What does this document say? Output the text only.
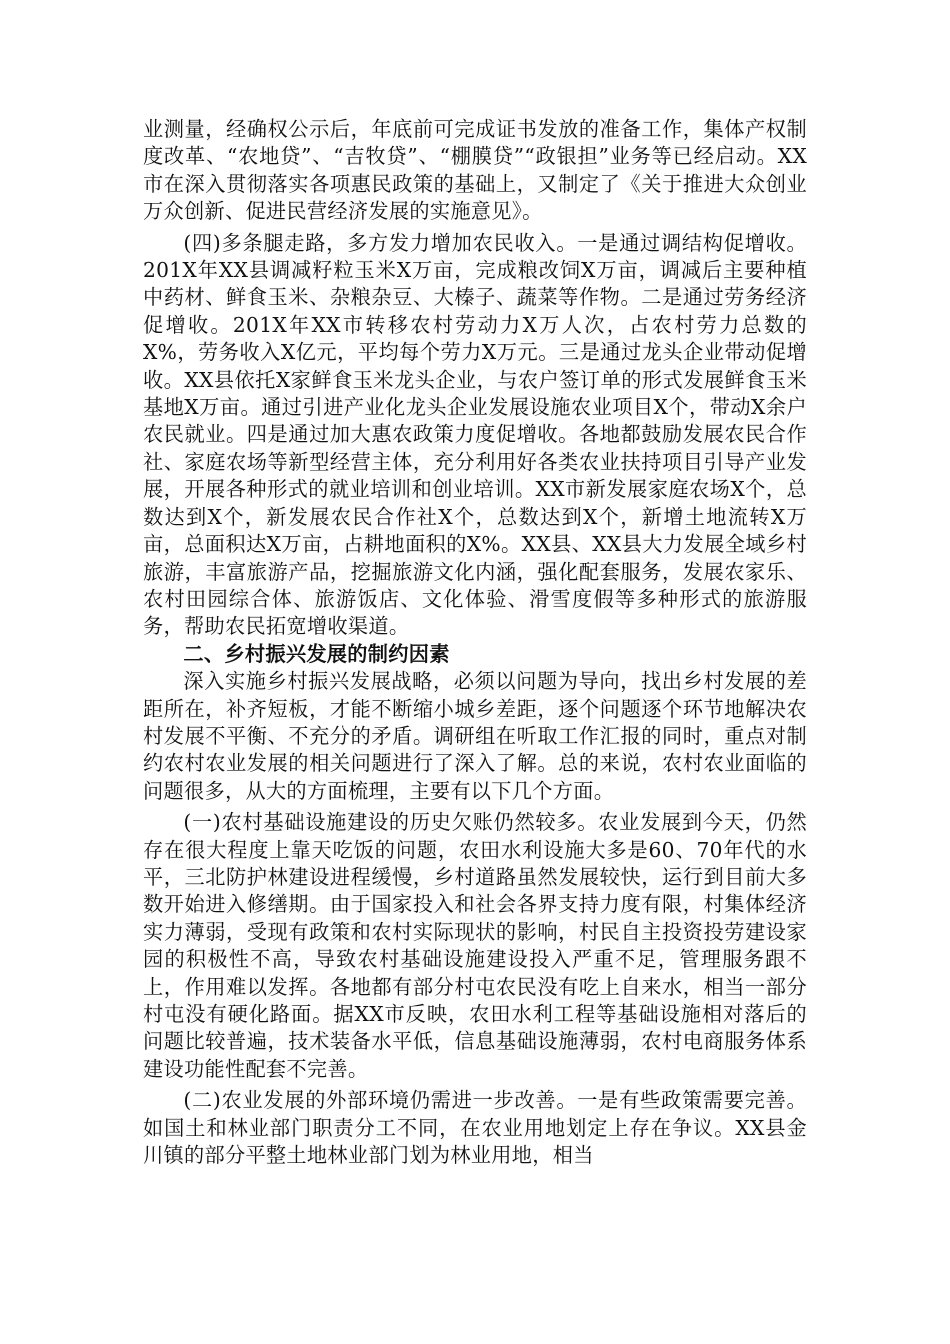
业测量，经确权公示后，年底前可完成证书发放的准备工作，集体产权制度改革、“农地贷”、“吉牧贷”、“棚膜贷”“政银担”业务等已经启动。XX市在深入贯彻落实各项惠民政策的基础上，又制定了《关于推进大众创业万众创新、促进民营经济发展的实施意见》。

(四)多条腿走路，多方发力增加农民收入。一是通过调结构促增收。201X年XX县调减籽粒玉米X万亩，完成粮改饲X万亩，调减后主要种植中药材、鲜食玉米、杂粮杂豆、大榛子、蔬菜等作物。二是通过劳务经济促增收。201X年XX市转移农村劳动力X万人次，占农村劳力总数的X%，劳务收入X亿元，平均每个劳力X万元。三是通过龙头企业带动促增收。XX县依托X家鲜食玉米龙头企业，与农户签订单的形式发展鲜食玉米基地X万亩。通过引进产业化龙头企业发展设施农业项目X个，带动X余户农民就业。四是通过加大惠农政策力度促增收。各地都鼓励发展农民合作社、家庭农场等新型经营主体，充分利用好各类农业扶持项目引导产业发展，开展各种形式的就业培训和创业培训。XX市新发展家庭农场X个，总数达到X个，新发展农民合作社X个，总数达到X个，新增土地流转X万亩，总面积达X万亩，占耕地面积的X%。XX县、XX县大力发展全域乡村旅游，丰富旅游产品，挖掘旅游文化内涵，强化配套服务，发展农家乐、农村田园综合体、旅游饭店、文化体验、滑雪度假等多种形式的旅游服务，帮助农民拓宽增收渠道。

二、乡村振兴发展的制约因素

深入实施乡村振兴发展战略，必须以问题为导向，找出乡村发展的差距所在，补齐短板，才能不断缩小城乡差距，逐个问题逐个环节地解决农村发展不平衡、不充分的矛盾。调研组在听取工作汇报的同时，重点对制约农村农业发展的相关问题进行了深入了解。总的来说，农村农业面临的问题很多，从大的方面梳理，主要有以下几个方面。

(一)农村基础设施建设的历史欠账仍然较多。农业发展到今天，仍然存在很大程度上靠天吃饭的问题，农田水利设施大多是60、70年代的水平，三北防护林建设进程缓慢，乡村道路虽然发展较快，运行到目前大多数开始进入修缮期。由于国家投入和社会各界支持力度有限，村集体经济实力薄弱，受现有政策和农村实际现状的影响，村民自主投资投劳建设家园的积极性不高，导致农村基础设施建设投入严重不足，管理服务跟不上，作用难以发挥。各地都有部分村屯农民没有吃上自来水，相当一部分村屯没有硬化路面。据XX市反映，农田水利工程等基础设施相对落后的问题比较普遍，技术装备水平低，信息基础设施薄弱，农村电商服务体系建设功能性配套不完善。

(二)农业发展的外部环境仍需进一步改善。一是有些政策需要完善。如国土和林业部门职责分工不同，在农业用地划定上存在争议。XX县金川镇的部分平整土地林业部门划为林业用地，相当
